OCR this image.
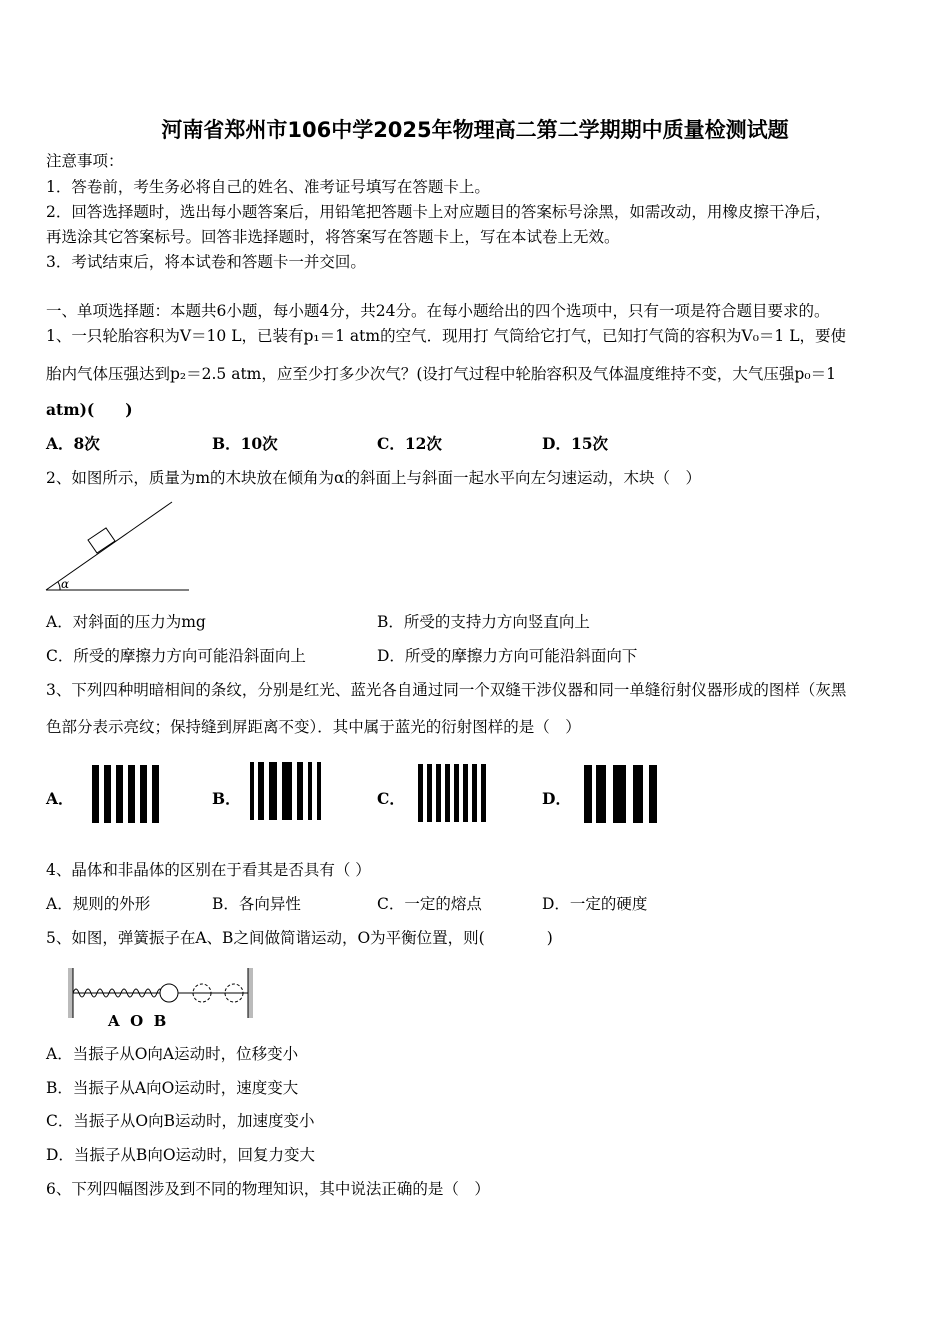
河南省郑州市106中学2025年物理高二第二学期期中质量检测试题
注意事项：
1．答卷前，考生务必将自己的姓名、准考证号填写在答题卡上。
2．回答选择题时，选出每小题答案后，用铅笔把答题卡上对应题目的答案标号涂黑，如需改动，用橡皮擦干净后，
再选涂其它答案标号。回答非选择题时，将答案写在答题卡上，写在本试卷上无效。
3．考试结束后，将本试卷和答题卡一并交回。
一、单项选择题：本题共6小题，每小题4分，共24分。在每小题给出的四个选项中，只有一项是符合题目要求的。
1、一只轮胎容积为V＝10 L，已装有p₁＝1 atm的空气．现用打 气筒给它打气，已知打气筒的容积为V₀＝1 L，要使
胎内气体压强达到p₂＝2.5 atm，应至少打多少次气？(设打气过程中轮胎容积及气体温度维持不变，大气压强p₀＝1
atm)(　　)
A．8次	B．10次	C．12次	D．15次
2、如图所示，质量为m的木块放在倾角为α的斜面上与斜面一起水平向左匀速运动，木块（　）
α
A．对斜面的压力为mg	B．所受的支持力方向竖直向上
C．所受的摩擦力方向可能沿斜面向上	D．所受的摩擦力方向可能沿斜面向下
3、下列四种明暗相间的条纹，分别是红光、蓝光各自通过同一个双缝干涉仪器和同一单缝衍射仪器形成的图样（灰黑
色部分表示亮纹；保持缝到屏距离不变）．其中属于蓝光的衍射图样的是（　）
A．	B．	C．	D．
4、晶体和非晶体的区别在于看其是否具有（ ）
A．规则的外形	B．各向异性	C．一定的熔点	D．一定的硬度
5、如图，弹簧振子在A、B之间做简谐运动，O为平衡位置，则(　　　　)
A  O  B
A．当振子从O向A运动时，位移变小
B．当振子从A向O运动时，速度变大
C．当振子从O向B运动时，加速度变小
D．当振子从B向O运动时，回复力变大
6、下列四幅图涉及到不同的物理知识，其中说法正确的是（　）
